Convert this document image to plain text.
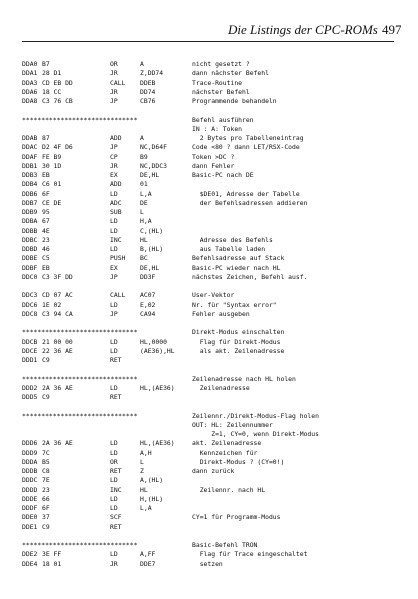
Die Listings der CPC-ROMs 497
DDA0 B7	OR	A	nicht gesetzt ?
DDA1 28 D1	JR	Z,DD74	dann nächster Befehl
DDA3 CD EB DD	CALL DDEB	Trace-Routine
DDA6 18 CC	JR	DD74	nächster Befehl
DDA8 C3 76 CB	JP	CB76	Programmende behandeln
******************************	Befehl ausführen
IN : A: Token
DDAB 87	ADD	A	2 Bytes pro Tabelleneintrag
DDAC D2 4F D6	JP	NC,D64F	Code <80 ? dann LET/RSX-Code
DDAF FE B9	CP	B9	Token >DC ?
DDB1 30 1D	JR	NC,DDC3	dann Fehler
DDB3 EB	EX	DE,HL	Basic-PC nach DE
DDB4 C6 01	ADD	01
DDB6 6F	LD	L,A	$DE01, Adresse der Tabelle
DDB7 CE DE	ADC	DE	der Befehlsadressen addieren
DDB9 95	SUB	L
DDBA 67	LD	H,A
DDBB 4E	LD	C,(HL)
DDBC 23	INC	HL	Adresse des Befehls
DDBD 46	LD	B,(HL)	aus Tabelle laden
DDBE C5	PUSH BC	Befehlsadresse auf Stack
DDBF EB	EX	DE,HL	Basic-PC wieder nach HL
DDC0 C3 3F DD	JP	DD3F	nächstes Zeichen, Befehl ausf.
DDC3 CD 07 AC	CALL AC07	User-Vektor
DDC6 1E 02	LD	E,02	Nr. für "Syntax error"
DDC8 C3 94 CA	JP	CA94	Fehler ausgeben
******************************	Direkt-Modus einschalten
DDCB 21 00 00	LD	HL,0000	Flag für Direkt-Modus
DDCE 22 36 AE	LD	(AE36),HL	als akt. Zeilenadresse
DDD1 C9	RET
******************************	Zeilenadresse nach HL holen
DDD2 2A 36 AE	LD	HL,(AE36)	Zeilenadresse
DDD5 C9	RET
******************************	Zeilennr./Direkt-Modus-Flag holen
OUT: HL: Zeilennummer
Z=1, CY=0, wenn Direkt-Modus
DDD6 2A 36 AE	LD	HL,(AE36)	akt. Zeilenadresse
DDD9 7C	LD	A,H	Kennzeichen für
DDDA B5	OR	L	Direkt-Modus ? (CY=0!)
DDDB C8	RET	Z	dann zurück
DDDC 7E	LD	A,(HL)
DDDD 23	INC	HL	Zeilennr. nach HL
DDDE 66	LD	H,(HL)
DDDF 6F	LD	L,A
DDE0 37	SCF	CY=1 für Programm-Modus
DDE1 C9	RET
******************************	Basic-Befehl TRON
DDE2 3E FF	LD	A,FF	Flag für Trace eingeschaltet
DDE4 18 01	JR	DDE7	setzen
